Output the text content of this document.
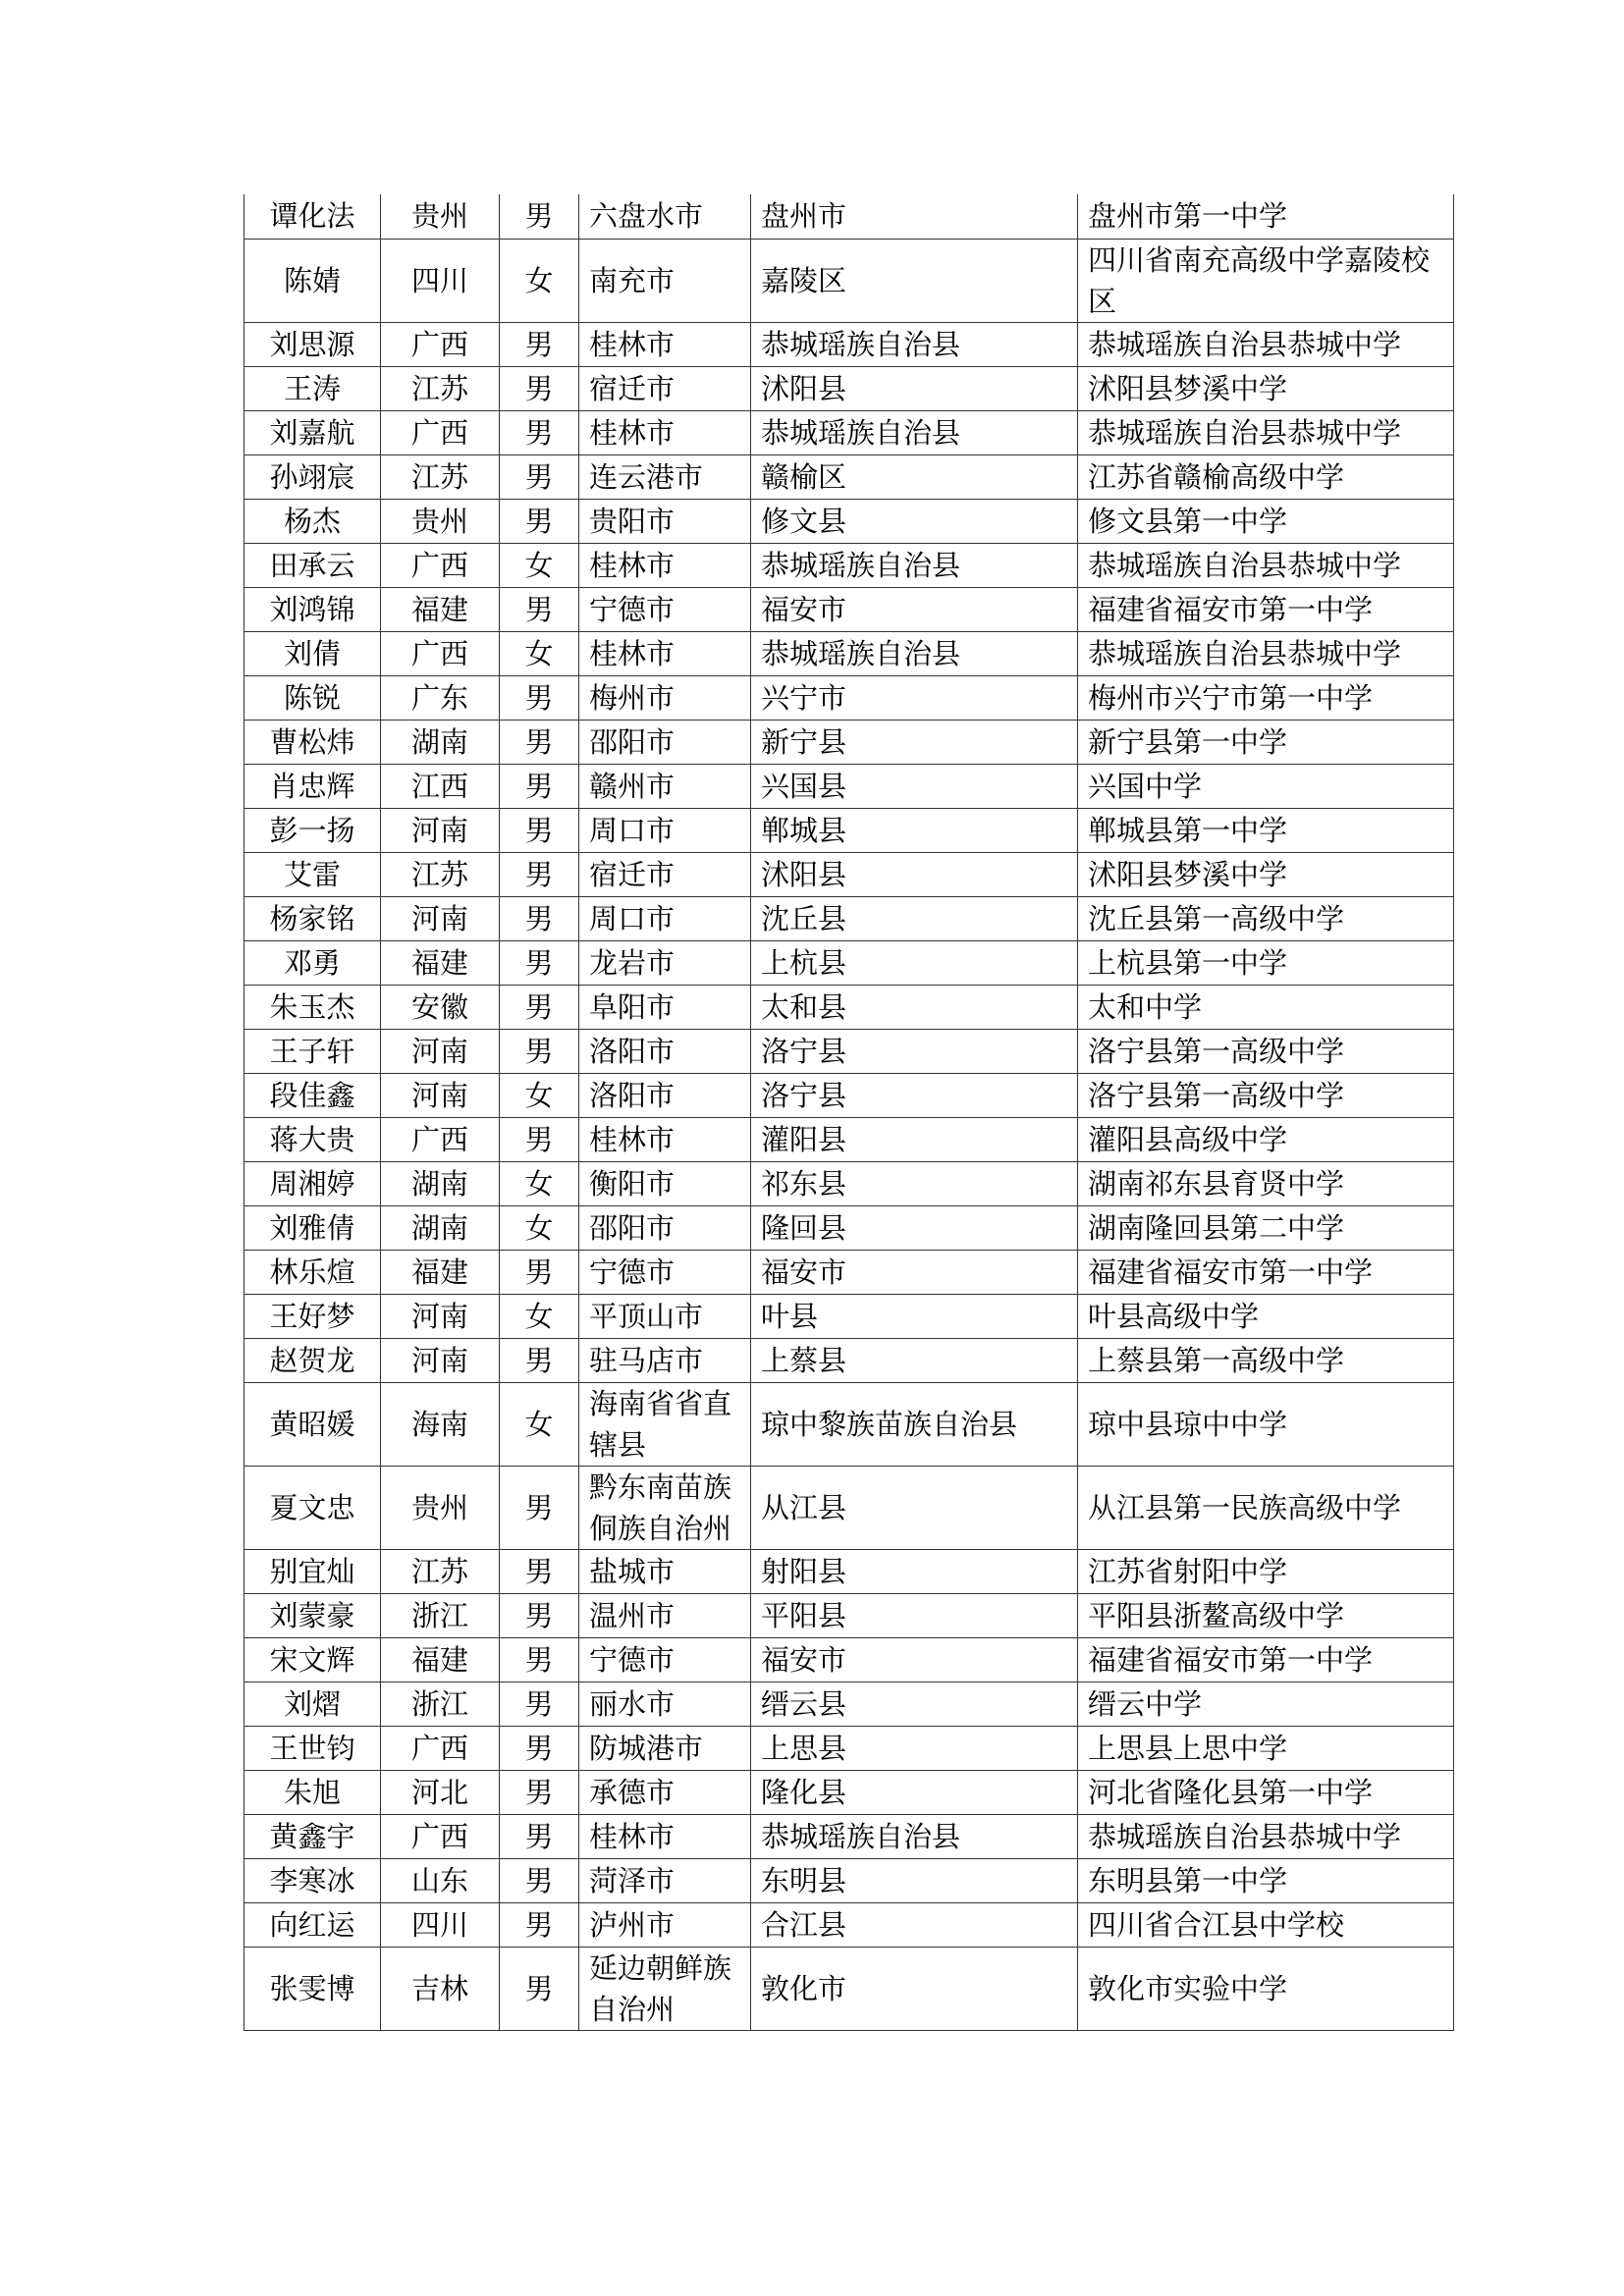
谭化法	贵州	男	六盘水市	盘州市	盘州市第一中学
陈婧	四川	女	南充市	嘉陵区	四川省南充高级中学嘉陵校区
刘思源	广西	男	桂林市	恭城瑶族自治县	恭城瑶族自治县恭城中学
王涛	江苏	男	宿迁市	沭阳县	沭阳县梦溪中学
刘嘉航	广西	男	桂林市	恭城瑶族自治县	恭城瑶族自治县恭城中学
孙翊宸	江苏	男	连云港市	赣榆区	江苏省赣榆高级中学
杨杰	贵州	男	贵阳市	修文县	修文县第一中学
田承云	广西	女	桂林市	恭城瑶族自治县	恭城瑶族自治县恭城中学
刘鸿锦	福建	男	宁德市	福安市	福建省福安市第一中学
刘倩	广西	女	桂林市	恭城瑶族自治县	恭城瑶族自治县恭城中学
陈锐	广东	男	梅州市	兴宁市	梅州市兴宁市第一中学
曹松炜	湖南	男	邵阳市	新宁县	新宁县第一中学
肖忠辉	江西	男	赣州市	兴国县	兴国中学
彭一扬	河南	男	周口市	郸城县	郸城县第一中学
艾雷	江苏	男	宿迁市	沭阳县	沭阳县梦溪中学
杨家铭	河南	男	周口市	沈丘县	沈丘县第一高级中学
邓勇	福建	男	龙岩市	上杭县	上杭县第一中学
朱玉杰	安徽	男	阜阳市	太和县	太和中学
王子轩	河南	男	洛阳市	洛宁县	洛宁县第一高级中学
段佳鑫	河南	女	洛阳市	洛宁县	洛宁县第一高级中学
蒋大贵	广西	男	桂林市	灌阳县	灌阳县高级中学
周湘婷	湖南	女	衡阳市	祁东县	湖南祁东县育贤中学
刘雅倩	湖南	女	邵阳市	隆回县	湖南隆回县第二中学
林乐煊	福建	男	宁德市	福安市	福建省福安市第一中学
王好梦	河南	女	平顶山市	叶县	叶县高级中学
赵贺龙	河南	男	驻马店市	上蔡县	上蔡县第一高级中学
黄昭媛	海南	女	海南省省直辖县	琼中黎族苗族自治县	琼中县琼中中学
夏文忠	贵州	男	黔东南苗族侗族自治州	从江县	从江县第一民族高级中学
别宜灿	江苏	男	盐城市	射阳县	江苏省射阳中学
刘蒙豪	浙江	男	温州市	平阳县	平阳县浙鳌高级中学
宋文辉	福建	男	宁德市	福安市	福建省福安市第一中学
刘熠	浙江	男	丽水市	缙云县	缙云中学
王世钧	广西	男	防城港市	上思县	上思县上思中学
朱旭	河北	男	承德市	隆化县	河北省隆化县第一中学
黄鑫宇	广西	男	桂林市	恭城瑶族自治县	恭城瑶族自治县恭城中学
李寒冰	山东	男	菏泽市	东明县	东明县第一中学
向红运	四川	男	泸州市	合江县	四川省合江县中学校
张雯博	吉林	男	延边朝鲜族自治州	敦化市	敦化市实验中学
